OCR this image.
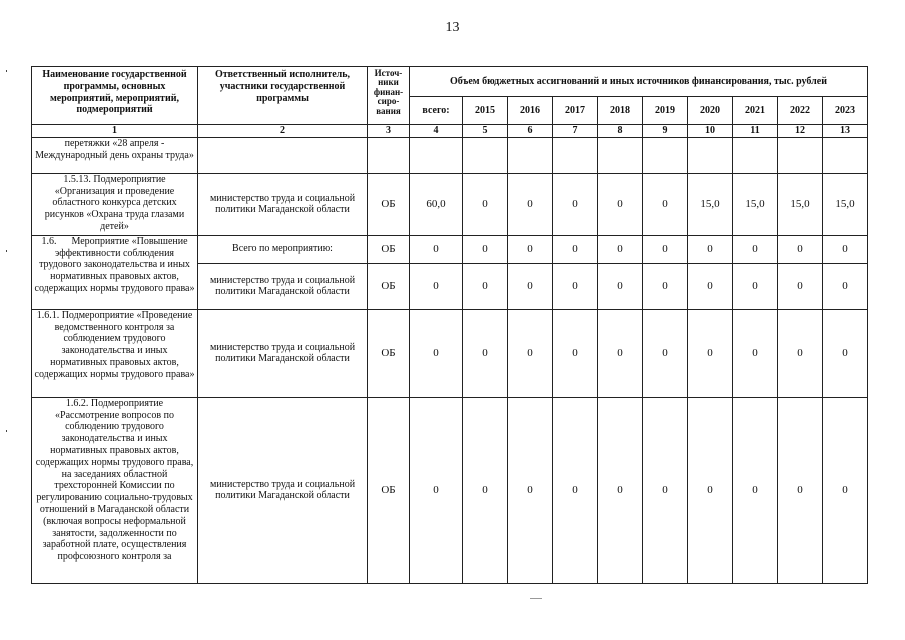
13
Наименование государственной программы, основных мероприятий, мероприятий, подмероприятий	Ответственный исполнитель, участники государственной программы	Источ-ники финан-сиро-вания	Объем бюджетных ассигнований и иных источников финансирования, тыс. рублей									
			всего:	2015	2016	2017	2018	2019	2020	2021	2022	2023
1	2	3	4	5	6	7	8	9	10	11	12	13
перетяжки «28 апреля - Международный день охраны труда»												
1.5.13. Подмероприятие «Организация и проведение областного конкурса детских рисунков «Охрана труда глазами детей»	министерство труда и социальной политики Магаданской области	ОБ	60,0	0	0	0	0	0	15,0	15,0	15,0	15,0
1.6.      Мероприятие «Повышение эффективности соблюдения трудового законодательства и иных нормативных правовых актов, содержащих нормы трудового права»	Всего по мероприятию:	ОБ	0	0	0	0	0	0	0	0	0	0
	министерство труда и социальной политики Магаданской области	ОБ	0	0	0	0	0	0	0	0	0	0
1.6.1. Подмероприятие «Проведение ведомственного контроля за соблюдением трудового законодательства и иных нормативных правовых актов, содержащих нормы трудового права»	министерство труда и социальной политики Магаданской области	ОБ	0	0	0	0	0	0	0	0	0	0
1.6.2. Подмероприятие «Рассмотрение вопросов по соблюдению трудового законодательства и иных нормативных правовых актов, содержащих нормы трудового права, на заседаниях областной трехсторонней Комиссии по регулированию социально-трудовых отношений в Магаданской области (включая вопросы неформальной занятости, задолженности по заработной плате, осуществления профсоюзного контроля за	министерство труда и социальной политики Магаданской области	ОБ	0	0	0	0	0	0	0	0	0	0
